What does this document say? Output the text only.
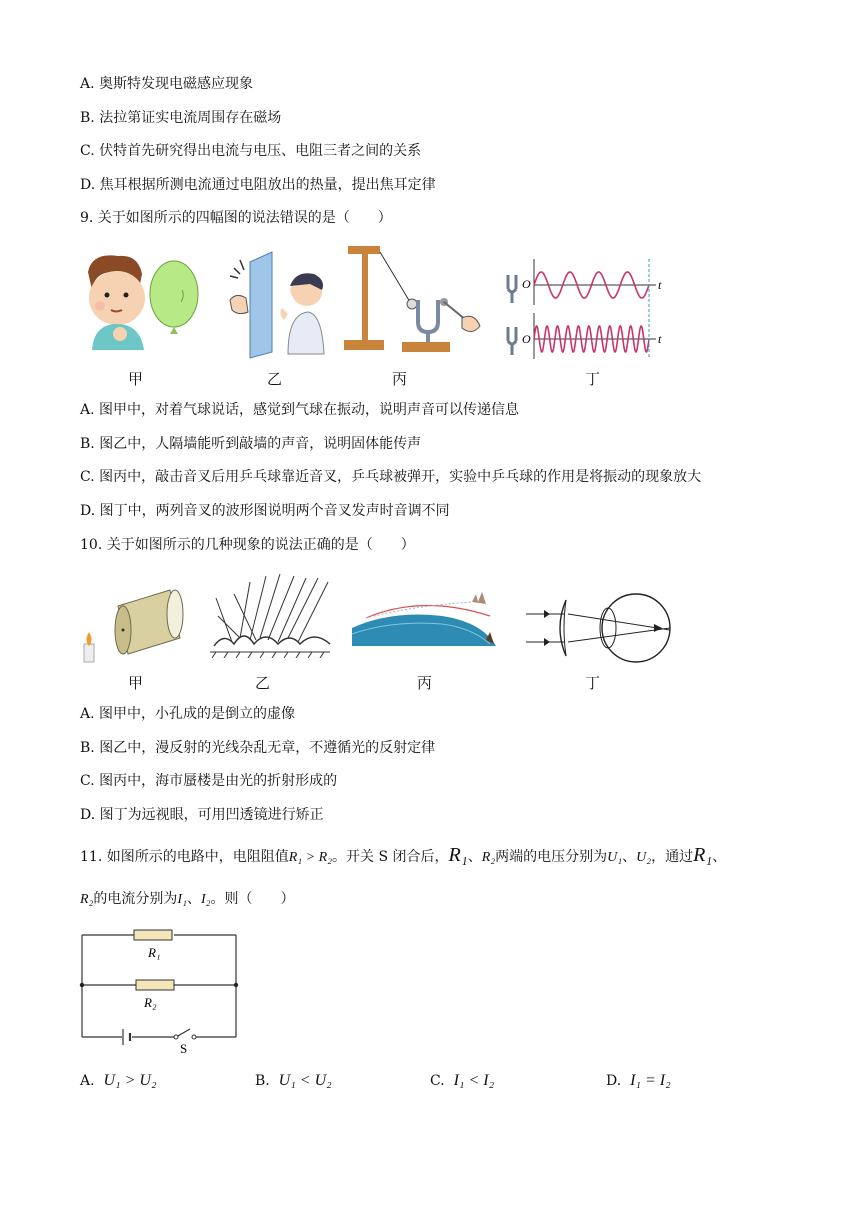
A. 奥斯特发现电磁感应现象
B. 法拉第证实电流周围存在磁场
C. 伏特首先研究得出电流与电压、电阻三者之间的关系
D. 焦耳根据所测电流通过电阻放出的热量，提出焦耳定律
9. 关于如图所示的四幅图的说法错误的是（　　）
O
O
t
t
甲	乙	丙	丁
A. 图甲中，对着气球说话，感觉到气球在振动，说明声音可以传递信息
B. 图乙中，人隔墙能听到敲墙的声音，说明固体能传声
C. 图丙中，敲击音叉后用乒乓球靠近音叉，乒乓球被弹开，实验中乒乓球的作用是将振动的现象放大
D. 图丁中，两列音叉的波形图说明两个音叉发声时音调不同
10. 关于如图所示的几种现象的说法正确的是（　　）
甲	乙	丙	丁
A. 图甲中，小孔成的是倒立的虚像
B. 图乙中，漫反射的光线杂乱无章，不遵循光的反射定律
C. 图丙中，海市蜃楼是由光的折射形成的
D. 图丁为远视眼，可用凹透镜进行矫正
11. 如图所示的电路中，电阻阻值R₁ > R₂。开关 S 闭合后，R₁、R₂两端的电压分别为U₁、U₂，通过R₁、
R₂的电流分别为I₁、I₂。则（　　）
R₁
R₂
S
A. U₁ > U₂	B. U₁ < U₂	C. I₁ < I₂	D. I₁ = I₂
